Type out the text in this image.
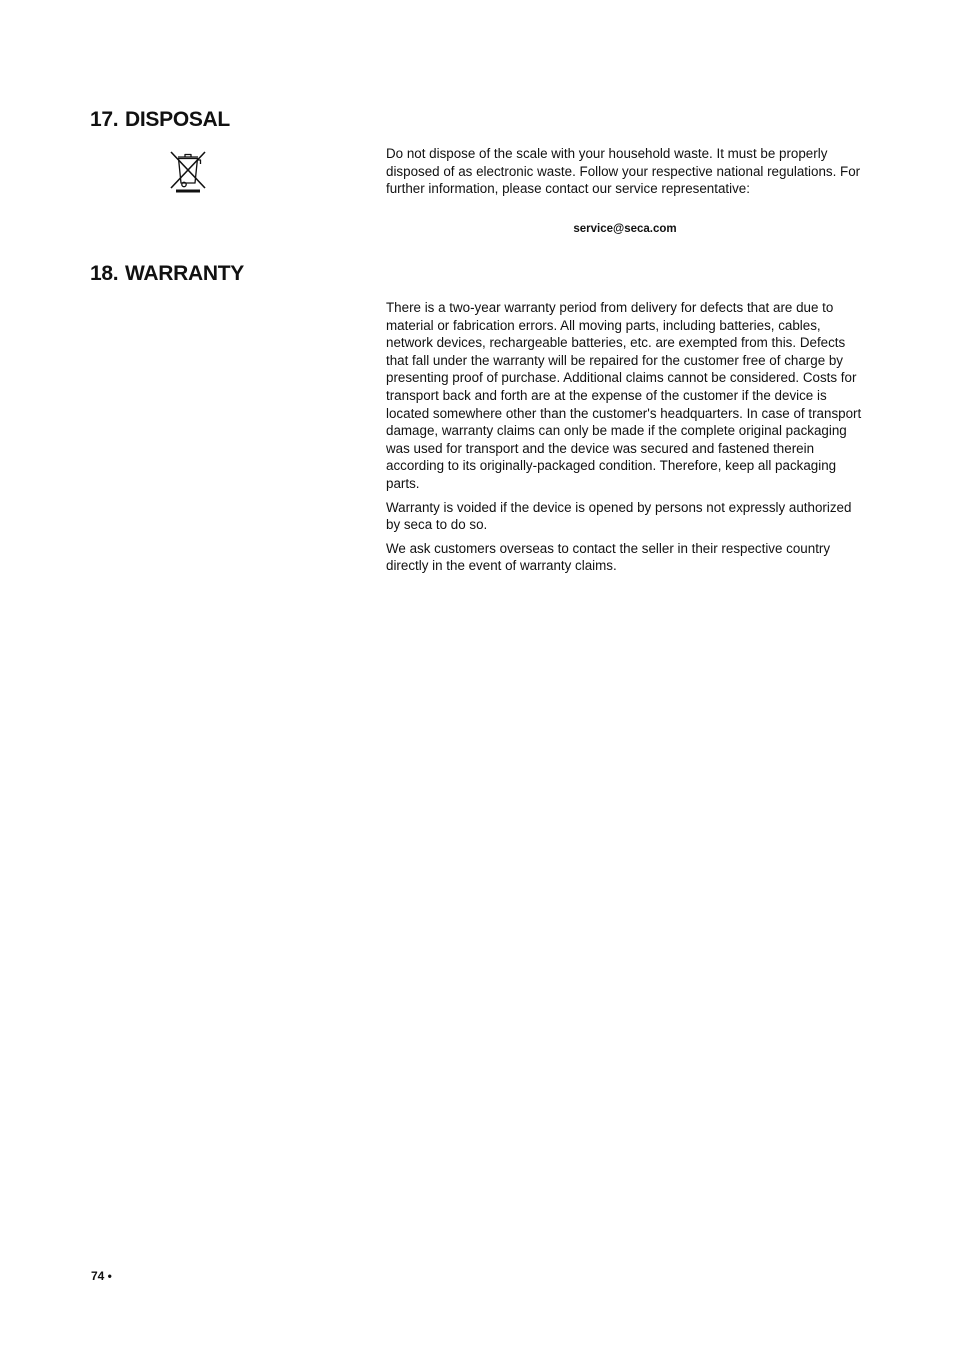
17. DISPOSAL

Do not dispose of the scale with your household waste. It must be properly disposed of as electronic waste. Follow your respective national regulations. For further information, please contact our service representative:

service@seca.com
18. WARRANTY

There is a two-year warranty period from delivery for defects that are due to material or fabrication errors. All moving parts, including batteries, cables, network devices, rechargeable batteries, etc. are exempted from this. Defects that fall under the warranty will be repaired for the customer free of charge by presenting proof of purchase. Additional claims cannot be considered. Costs for transport back and forth are at the expense of the customer if the device is located somewhere other than the customer's headquarters. In case of transport damage, warranty claims can only be made if the complete original packaging was used for transport and the device was secured and fastened therein according to its originally-packaged condition. Therefore, keep all packaging parts.

Warranty is voided if the device is opened by persons not expressly authorized by seca to do so.

We ask customers overseas to contact the seller in their respective country directly in the event of warranty claims.

74 •
